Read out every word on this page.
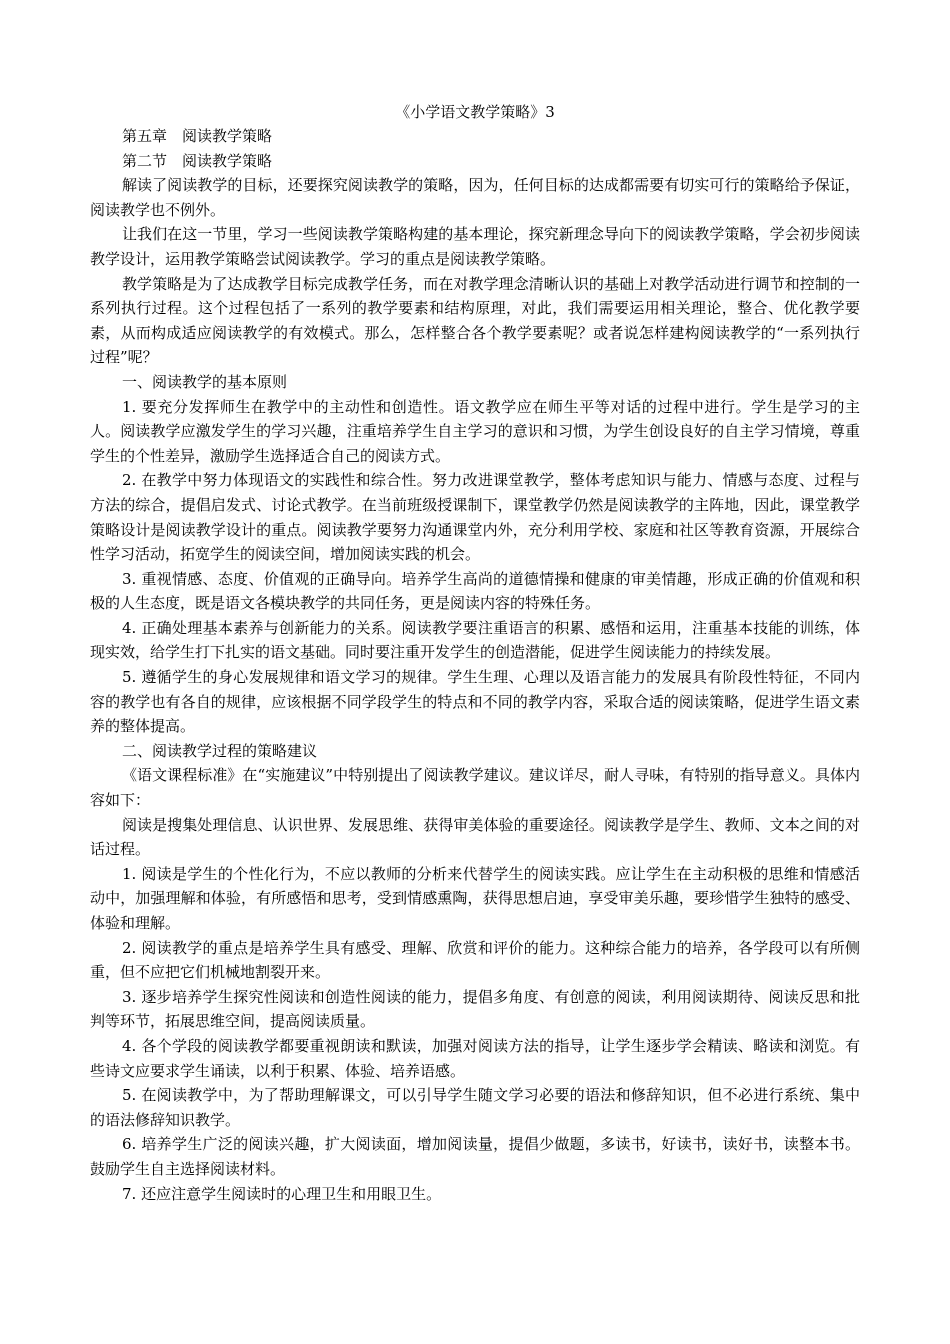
《小学语文教学策略》3

第五章　阅读教学策略

第二节　阅读教学策略

解读了阅读教学的目标，还要探究阅读教学的策略，因为，任何目标的达成都需要有切实可行的策略给予保证，阅读教学也不例外。

让我们在这一节里，学习一些阅读教学策略构建的基本理论，探究新理念导向下的阅读教学策略，学会初步阅读教学设计，运用教学策略尝试阅读教学。学习的重点是阅读教学策略。

教学策略是为了达成教学目标完成教学任务，而在对教学理念清晰认识的基础上对教学活动进行调节和控制的一系列执行过程。这个过程包括了一系列的教学要素和结构原理，对此，我们需要运用相关理论，整合、优化教学要素，从而构成适应阅读教学的有效模式。那么，怎样整合各个教学要素呢？或者说怎样建构阅读教学的“一系列执行过程”呢？

一、阅读教学的基本原则

1. 要充分发挥师生在教学中的主动性和创造性。语文教学应在师生平等对话的过程中进行。学生是学习的主人。阅读教学应激发学生的学习兴趣，注重培养学生自主学习的意识和习惯，为学生创设良好的自主学习情境，尊重学生的个性差异，激励学生选择适合自己的阅读方式。

2. 在教学中努力体现语文的实践性和综合性。努力改进课堂教学，整体考虑知识与能力、情感与态度、过程与方法的综合，提倡启发式、讨论式教学。在当前班级授课制下，课堂教学仍然是阅读教学的主阵地，因此，课堂教学策略设计是阅读教学设计的重点。阅读教学要努力沟通课堂内外，充分利用学校、家庭和社区等教育资源，开展综合性学习活动，拓宽学生的阅读空间，增加阅读实践的机会。

3. 重视情感、态度、价值观的正确导向。培养学生高尚的道德情操和健康的审美情趣，形成正确的价值观和积极的人生态度，既是语文各模块教学的共同任务，更是阅读内容的特殊任务。

4. 正确处理基本素养与创新能力的关系。阅读教学要注重语言的积累、感悟和运用，注重基本技能的训练，体现实效，给学生打下扎实的语文基础。同时要注重开发学生的创造潜能，促进学生阅读能力的持续发展。

5. 遵循学生的身心发展规律和语文学习的规律。学生生理、心理以及语言能力的发展具有阶段性特征，不同内容的教学也有各自的规律，应该根据不同学段学生的特点和不同的教学内容，采取合适的阅读策略，促进学生语文素养的整体提高。

二、阅读教学过程的策略建议

《语文课程标准》在“实施建议”中特别提出了阅读教学建议。建议详尽，耐人寻味，有特别的指导意义。具体内容如下：

阅读是搜集处理信息、认识世界、发展思维、获得审美体验的重要途径。阅读教学是学生、教师、文本之间的对话过程。

1. 阅读是学生的个性化行为，不应以教师的分析来代替学生的阅读实践。应让学生在主动积极的思维和情感活动中，加强理解和体验，有所感悟和思考，受到情感熏陶，获得思想启迪，享受审美乐趣，要珍惜学生独特的感受、体验和理解。

2. 阅读教学的重点是培养学生具有感受、理解、欣赏和评价的能力。这种综合能力的培养，各学段可以有所侧重，但不应把它们机械地割裂开来。

3. 逐步培养学生探究性阅读和创造性阅读的能力，提倡多角度、有创意的阅读，利用阅读期待、阅读反思和批判等环节，拓展思维空间，提高阅读质量。

4. 各个学段的阅读教学都要重视朗读和默读，加强对阅读方法的指导，让学生逐步学会精读、略读和浏览。有些诗文应要求学生诵读，以利于积累、体验、培养语感。

5. 在阅读教学中，为了帮助理解课文，可以引导学生随文学习必要的语法和修辞知识，但不必进行系统、集中的语法修辞知识教学。

6. 培养学生广泛的阅读兴趣，扩大阅读面，增加阅读量，提倡少做题，多读书，好读书，读好书，读整本书。鼓励学生自主选择阅读材料。

7. 还应注意学生阅读时的心理卫生和用眼卫生。
